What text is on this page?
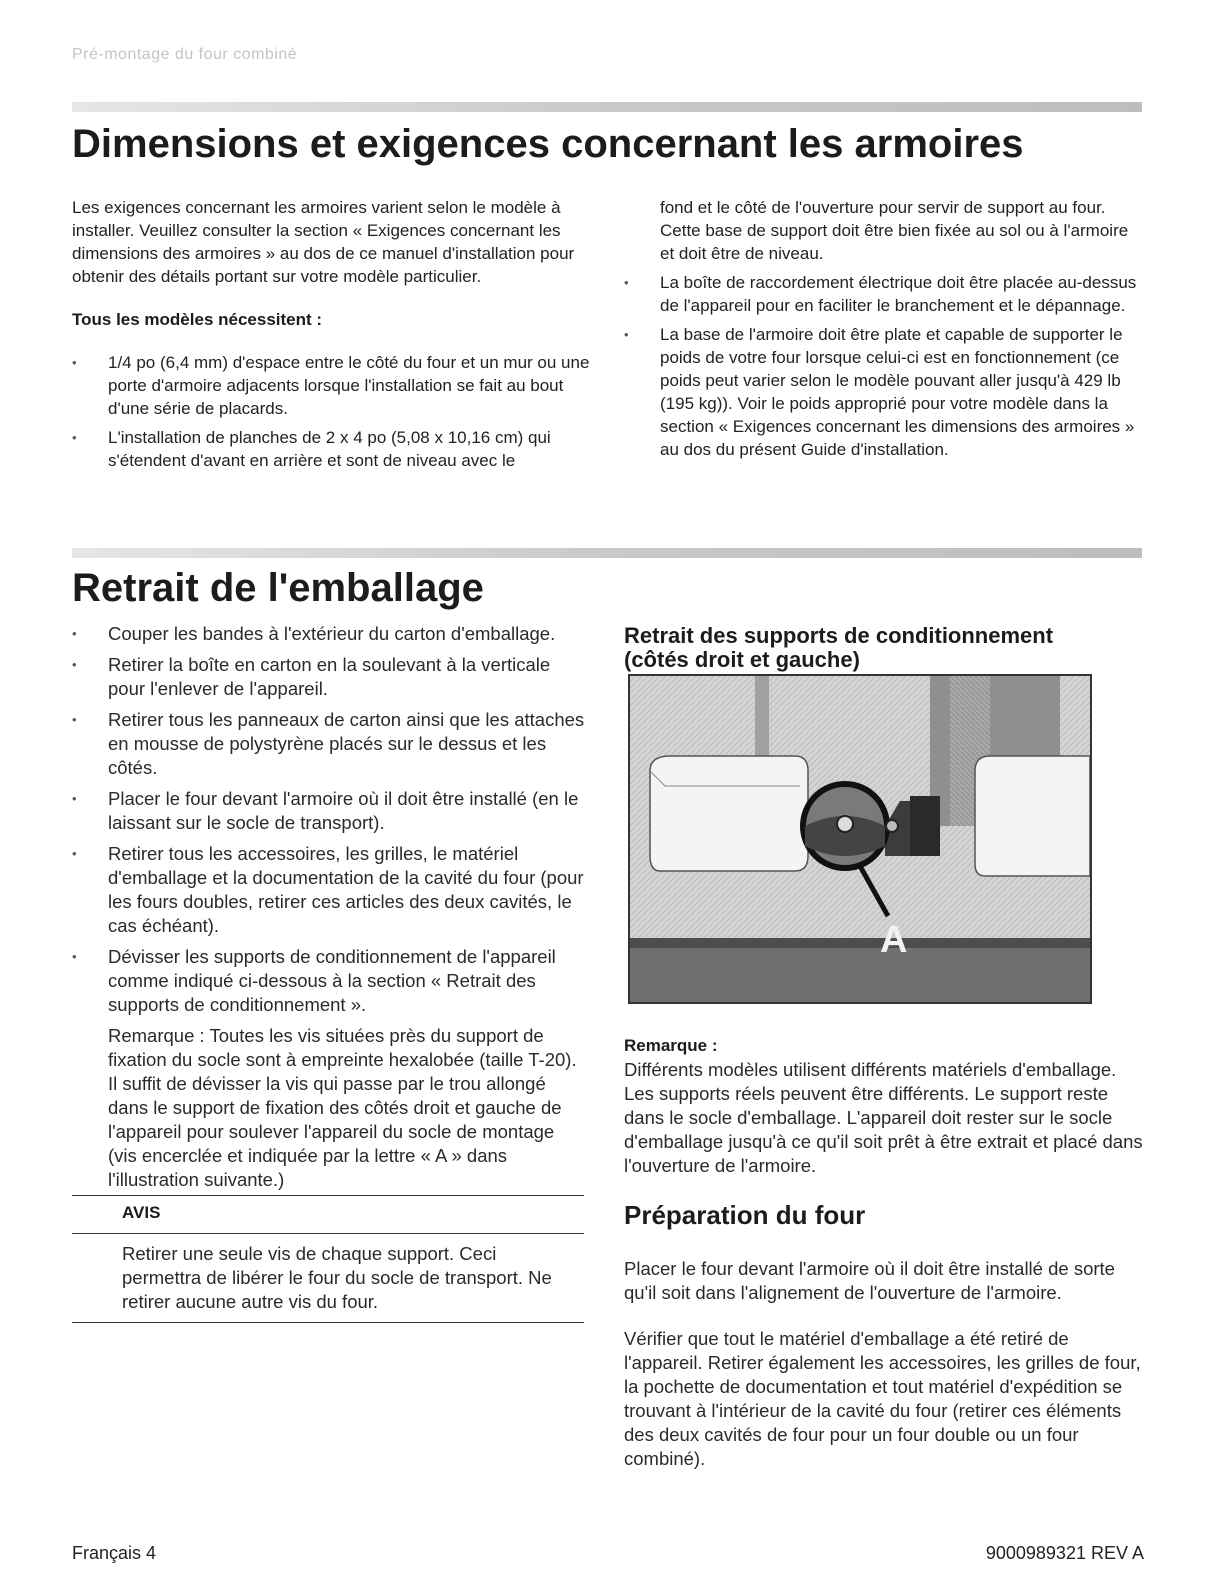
Pré-montage du four combiné
Dimensions et exigences concernant les armoires

Les exigences concernant les armoires varient selon le modèle à installer. Veuillez consulter la section « Exigences concernant les dimensions des armoires » au dos de ce manuel d'installation pour obtenir des détails portant sur votre modèle particulier.

Tous les modèles nécessitent :

• 1/4 po (6,4 mm) d'espace entre le côté du four et un mur ou une porte d'armoire adjacents lorsque l'installation se fait au bout d'une série de placards.
• L'installation de planches de 2 x 4 po (5,08 x 10,16 cm) qui s'étendent d'avant en arrière et sont de niveau avec le

fond et le côté de l'ouverture pour servir de support au four. Cette base de support doit être bien fixée au sol ou à l'armoire et doit être de niveau.

• La boîte de raccordement électrique doit être placée au-dessus de l'appareil pour en faciliter le branchement et le dépannage.
• La base de l'armoire doit être plate et capable de supporter le poids de votre four lorsque celui-ci est en fonctionnement (ce poids peut varier selon le modèle pouvant aller jusqu'à 429 lb (195 kg)). Voir le poids approprié pour votre modèle dans la section « Exigences concernant les dimensions des armoires » au dos du présent Guide d'installation.
Retrait de l'emballage
• Couper les bandes à l'extérieur du carton d'emballage.
• Retirer la boîte en carton en la soulevant à la verticale pour l'enlever de l'appareil.
• Retirer tous les panneaux de carton ainsi que les attaches en mousse de polystyrène placés sur le dessus et les côtés.
• Placer le four devant l'armoire où il doit être installé (en le laissant sur le socle de transport).
• Retirer tous les accessoires, les grilles, le matériel d'emballage et la documentation de la cavité du four (pour les fours doubles, retirer ces articles des deux cavités, le cas échéant).
• Dévisser les supports de conditionnement de l'appareil comme indiqué ci-dessous à la section « Retrait des supports de conditionnement ».

Remarque : Toutes les vis situées près du support de fixation du socle sont à empreinte hexalobée (taille T-20). Il suffit de dévisser la vis qui passe par le trou allongé dans le support de fixation des côtés droit et gauche de l'appareil pour soulever l'appareil du socle de montage (vis encerclée et indiquée par la lettre « A » dans l'illustration suivante.)

AVIS
Retirer une seule vis de chaque support. Ceci permettra de libérer le four du socle de transport. Ne retirer aucune autre vis du four.
Retrait des supports de conditionnement
(côtés droit et gauche)
A
Remarque :
Différents modèles utilisent différents matériels d'emballage. Les supports réels peuvent être différents. Le support reste dans le socle d'emballage. L'appareil doit rester sur le socle d'emballage jusqu'à ce qu'il soit prêt à être extrait et placé dans l'ouverture de l'armoire.
Préparation du four

Placer le four devant l'armoire où il doit être installé de sorte qu'il soit dans l'alignement de l'ouverture de l'armoire.

Vérifier que tout le matériel d'emballage a été retiré de l'appareil. Retirer également les accessoires, les grilles de four, la pochette de documentation et tout matériel d'expédition se trouvant à l'intérieur de la cavité du four (retirer ces éléments des deux cavités de four pour un four double ou un four combiné).

Français 4	9000989321 REV A
